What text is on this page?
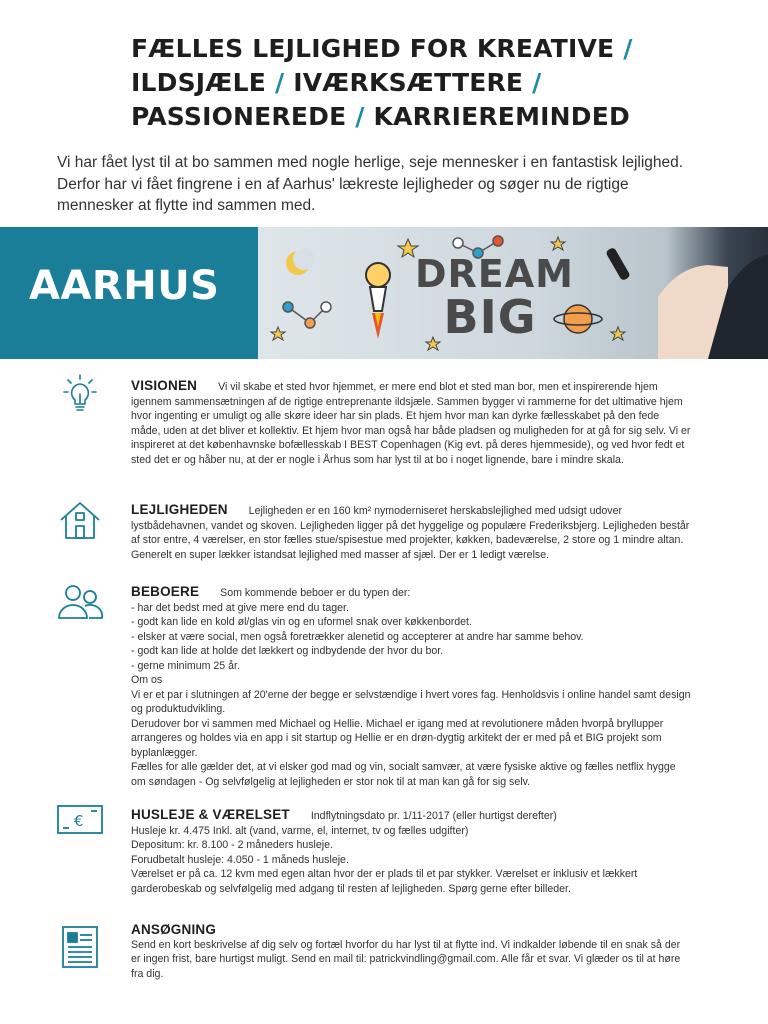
FÆLLES LEJLIGHED FOR KREATIVE /
ILDSJÆLE / IVÆRKSÆTTERE /
PASSIONEREDE / KARRIEREMINDED

Vi har fået lyst til at bo sammen med nogle herlige, seje mennesker i en fantastisk lejlighed. Derfor har vi fået fingrene i en af Aarhus' lækreste lejligheder og søger nu de rigtige mennesker at flytte ind sammen med.

AARHUS	DREAM
BIG
VISIONEN Vi vil skabe et sted hvor hjemmet, er mere end blot et sted man bor, men et inspirerende hjem igennem sammensætningen af de rigtige entreprenante ildsjæle. Sammen bygger vi rammerne for det ultimative hjem hvor ingenting er umuligt og alle skøre ideer har sin plads. Et hjem hvor man kan dyrke fællesskabet på den fede måde, uden at det bliver et kollektiv. Et hjem hvor man også har både pladsen og muligheden for at gå for sig selv. Vi er inspireret at det københavnske bofællesskab I BEST Copenhagen (Kig evt. på deres hjemmeside), og ved hvor fedt et sted det er og håber nu, at der er nogle i Århus som har lyst til at bo i noget lignende, bare i mindre skala.
LEJLIGHEDEN Lejligheden er en 160 km² nymoderniseret herskabslejlighed med udsigt udover lystbådehavnen, vandet og skoven. Lejligheden ligger på det hyggelige og populære Frederiksbjerg. Lejligheden består af stor entre, 4 værelser, en stor fælles stue/spisestue med projekter, køkken, badeværelse, 2 store og 1 mindre altan. Generelt en super lækker istandsat lejlighed med masser af sjæl. Der er 1 ledigt værelse.
BEBOERE Som kommende beboer er du typen der:
- har det bedst med at give mere end du tager.
- godt kan lide en kold øl/glas vin og en uformel snak over køkkenbordet.
- elsker at være social, men også foretrækker alenetid og accepterer at andre har samme behov.
- godt kan lide at holde det lækkert og indbydende der hvor du bor.
- gerne minimum 25 år.
Om os
Vi er et par i slutningen af 20'erne der begge er selvstændige i hvert vores fag. Henholdsvis i online handel samt design og produktudvikling.
Derudover bor vi sammen med Michael og Hellie. Michael er igang med at revolutionere måden hvorpå bryllupper arrangeres og holdes via en app i sit startup og Hellie er en drøn-dygtig arkitekt der er med på et BIG projekt som byplanlægger.
Fælles for alle gælder det, at vi elsker god mad og vin, socialt samvær, at være fysiske aktive og fælles netflix hygge om søndagen - Og selvfølgelig at lejligheden er stor nok til at man kan gå for sig selv.
€	HUSLEJE & VÆRELSET Indflytningsdato pr. 1/11-2017 (eller hurtigst derefter)
Husleje kr. 4.475 Inkl. alt (vand, varme, el, internet, tv og fælles udgifter)
Depositum: kr. 8.100 - 2 måneders husleje.
Forudbetalt husleje: 4.050 - 1 måneds husleje.
Værelset er på ca. 12 kvm med egen altan hvor der er plads til et par stykker. Værelset er inklusiv et lækkert garderobeskab og selvfølgelig med adgang til resten af lejligheden. Spørg gerne efter billeder.
ANSØGNING
Send en kort beskrivelse af dig selv og fortæl hvorfor du har lyst til at flytte ind. Vi indkalder løbende til en snak så der er ingen frist, bare hurtigst muligt. Send en mail til: patrickvindling@gmail.com. Alle får et svar. Vi glæder os til at høre fra dig.
